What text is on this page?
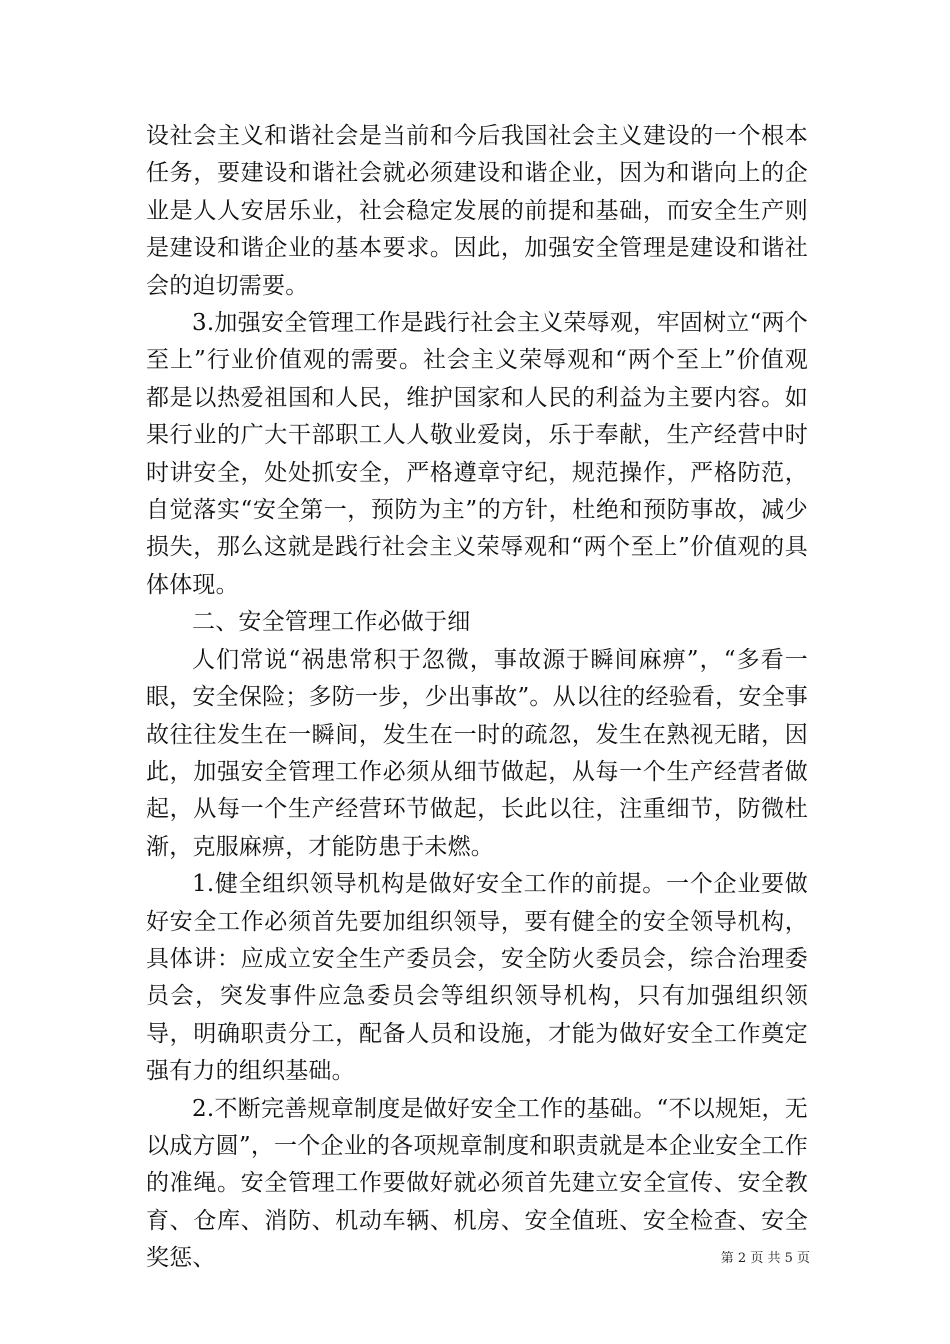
设社会主义和谐社会是当前和今后我国社会主义建设的一个根本任务，要建设和谐社会就必须建设和谐企业，因为和谐向上的企业是人人安居乐业，社会稳定发展的前提和基础，而安全生产则是建设和谐企业的基本要求。因此，加强安全管理是建设和谐社会的迫切需要。

3.加强安全管理工作是践行社会主义荣辱观，牢固树立“两个至上”行业价值观的需要。社会主义荣辱观和“两个至上”价值观都是以热爱祖国和人民，维护国家和人民的利益为主要内容。如果行业的广大干部职工人人敬业爱岗，乐于奉献，生产经营中时时讲安全，处处抓安全，严格遵章守纪，规范操作，严格防范，自觉落实“安全第一，预防为主”的方针，杜绝和预防事故，减少损失，那么这就是践行社会主义荣辱观和“两个至上”价值观的具体体现。

二、安全管理工作必做于细

人们常说“祸患常积于忽微，事故源于瞬间麻痹”，“多看一眼，安全保险；多防一步，少出事故”。从以往的经验看，安全事故往往发生在一瞬间，发生在一时的疏忽，发生在熟视无睹，因此，加强安全管理工作必须从细节做起，从每一个生产经营者做起，从每一个生产经营环节做起，长此以往，注重细节，防微杜渐，克服麻痹，才能防患于未燃。

1.健全组织领导机构是做好安全工作的前提。一个企业要做好安全工作必须首先要加组织领导，要有健全的安全领导机构，具体讲：应成立安全生产委员会，安全防火委员会，综合治理委员会，突发事件应急委员会等组织领导机构，只有加强组织领导，明确职责分工，配备人员和设施，才能为做好安全工作奠定强有力的组织基础。

2.不断完善规章制度是做好安全工作的基础。“不以规矩，无以成方圆”，一个企业的各项规章制度和职责就是本企业安全工作的准绳。安全管理工作要做好就必须首先建立安全宣传、安全教育、仓库、消防、机动车辆、机房、安全值班、安全检查、安全奖惩、	第 2 页 共 5 页
